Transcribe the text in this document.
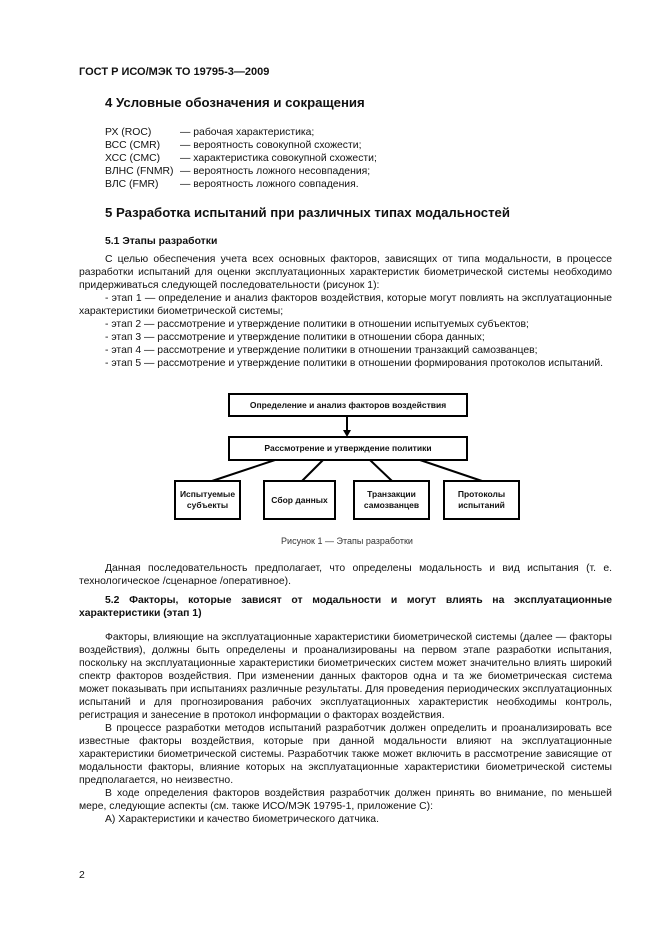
ГОСТ Р ИСО/МЭК ТО 19795-3—2009
4 Условные обозначения и сокращения
РХ (ROC)	— рабочая характеристика;
ВСС (CMR)	— вероятность совокупной схожести;
ХСС (CMC)	— характеристика совокупной схожести;
ВЛНС (FNMR) — вероятность ложного несовпадения;
ВЛС (FMR)	— вероятность ложного совпадения.
5 Разработка испытаний при различных типах модальностей
5.1 Этапы разработки

С целью обеспечения учета всех основных факторов, зависящих от типа модальности, в процессе разработки испытаний для оценки эксплуатационных характеристик биометрической системы необходимо придерживаться следующей последовательности (рисунок 1):

- этап 1 — определение и анализ факторов воздействия, которые могут повлиять на эксплуатационные характеристики биометрической системы;

- этап 2 — рассмотрение и утверждение политики в отношении испытуемых субъектов;

- этап 3 — рассмотрение и утверждение политики в отношении сбора данных;

- этап 4 — рассмотрение и утверждение политики в отношении транзакций самозванцев;

- этап 5 — рассмотрение и утверждение политики в отношении формирования протоколов испытаний.

Определение и анализ факторов воздействия
Рассмотрение и утверждение политики
Испытуемые субъекты
Сбор данных
Транзакции самозванцев
Протоколы испытаний
Рисунок 1 — Этапы разработки

Данная последовательность предполагает, что определены модальность и вид испытания (т. е. технологическое /сценарное /оперативное).

5.2 Факторы, которые зависят от модальности и могут влиять на эксплуатационные характеристики (этап 1)

Факторы, влияющие на эксплуатационные характеристики биометрической системы (далее — факторы воздействия), должны быть определены и проанализированы на первом этапе разработки испытания, поскольку на эксплуатационные характеристики биометрических систем может значительно влиять широкий спектр факторов воздействия. При изменении данных факторов одна и та же биометрическая система может показывать при испытаниях различные результаты. Для проведения периодических эксплуатационных испытаний и для прогнозирования рабочих эксплуатационных характеристик необходимы контроль, регистрация и занесение в протокол информации о факторах воздействия.

В процессе разработки методов испытаний разработчик должен определить и проанализировать все известные факторы воздействия, которые при данной модальности влияют на эксплуатационные характеристики биометрической системы. Разработчик также может включить в рассмотрение зависящие от модальности факторы, влияние которых на эксплуатационные характеристики биометрической системы предполагается, но неизвестно.

В ходе определения факторов воздействия разработчик должен принять во внимание, по меньшей мере, следующие аспекты (см. также ИСО/МЭК 19795-1, приложение С):

А) Характеристики и качество биометрического датчика.

2
